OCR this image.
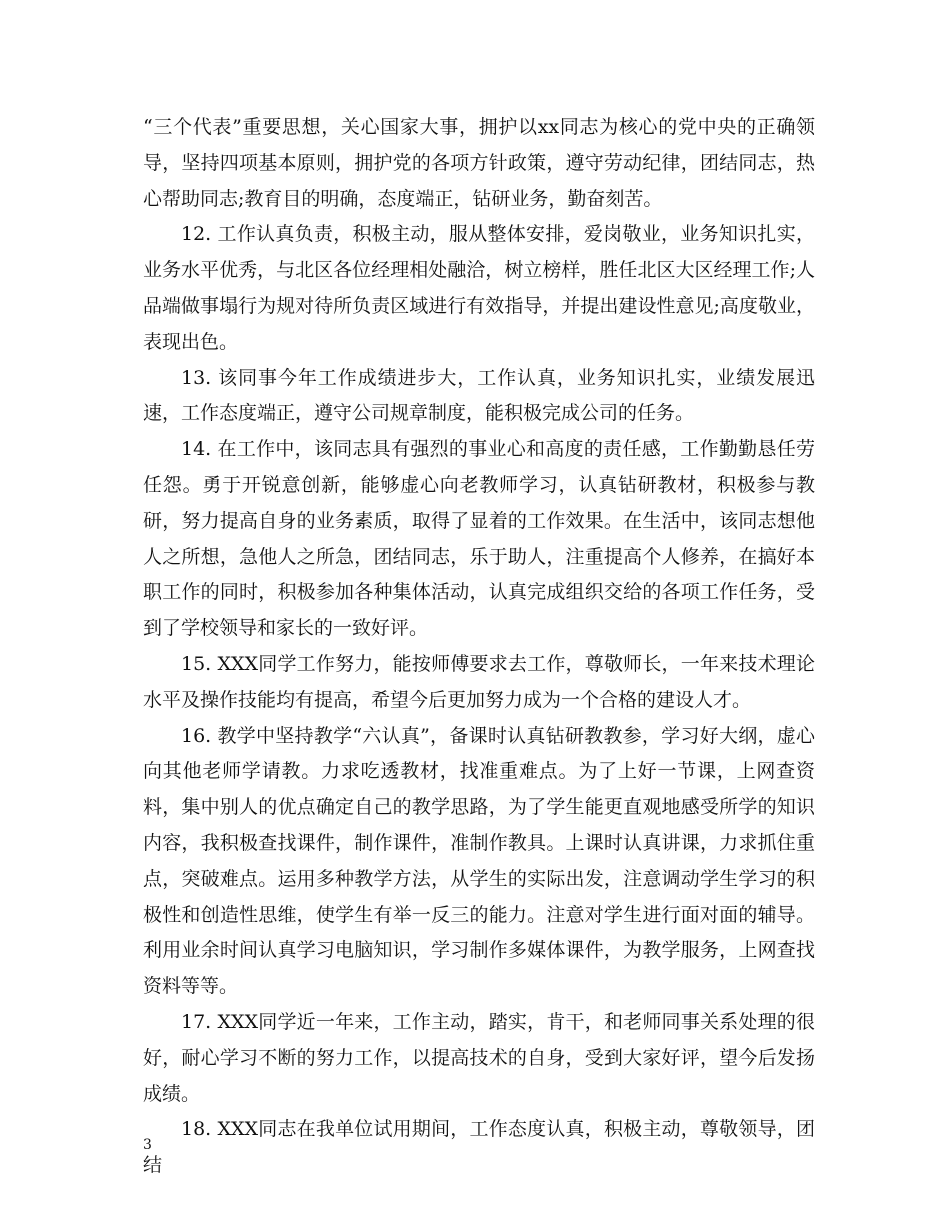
“三个代表”重要思想，关心国家大事，拥护以xx同志为核心的党中央的正确领导，坚持四项基本原则，拥护党的各项方针政策，遵守劳动纪律，团结同志，热心帮助同志;教育目的明确，态度端正，钻研业务，勤奋刻苦。

12. 工作认真负责，积极主动，服从整体安排，爱岗敬业，业务知识扎实，业务水平优秀，与北区各位经理相处融洽，树立榜样，胜任北区大区经理工作;人品端做事塌行为规对待所负责区域进行有效指导，并提出建设性意见;高度敬业，表现出色。

13. 该同事今年工作成绩进步大，工作认真，业务知识扎实，业绩发展迅速，工作态度端正，遵守公司规章制度，能积极完成公司的任务。

14. 在工作中，该同志具有强烈的事业心和高度的责任感，工作勤勤恳任劳任怨。勇于开锐意创新，能够虚心向老教师学习，认真钻研教材，积极参与教研，努力提高自身的业务素质，取得了显着的工作效果。在生活中，该同志想他人之所想，急他人之所急，团结同志，乐于助人，注重提高个人修养，在搞好本职工作的同时，积极参加各种集体活动，认真完成组织交给的各项工作任务，受到了学校领导和家长的一致好评。

15. XXX同学工作努力，能按师傅要求去工作，尊敬师长，一年来技术理论水平及操作技能均有提高，希望今后更加努力成为一个合格的建设人才。

16. 教学中坚持教学“六认真”，备课时认真钻研教教参，学习好大纲，虚心向其他老师学请教。力求吃透教材，找准重难点。为了上好一节课，上网查资料，集中别人的优点确定自己的教学思路，为了学生能更直观地感受所学的知识内容，我积极查找课件，制作课件，准制作教具。上课时认真讲课，力求抓住重点，突破难点。运用多种教学方法，从学生的实际出发，注意调动学生学习的积极性和创造性思维，使学生有举一反三的能力。注意对学生进行面对面的辅导。利用业余时间认真学习电脑知识，学习制作多媒体课件，为教学服务，上网查找资料等等。

17. XXX同学近一年来，工作主动，踏实，肯干，和老师同事关系处理的很好，耐心学习不断的努力工作，以提高技术的自身，受到大家好评，望今后发扬成绩。

18. XXX同志在我单位试用期间，工作态度认真，积极主动，尊敬领导，团结

3
